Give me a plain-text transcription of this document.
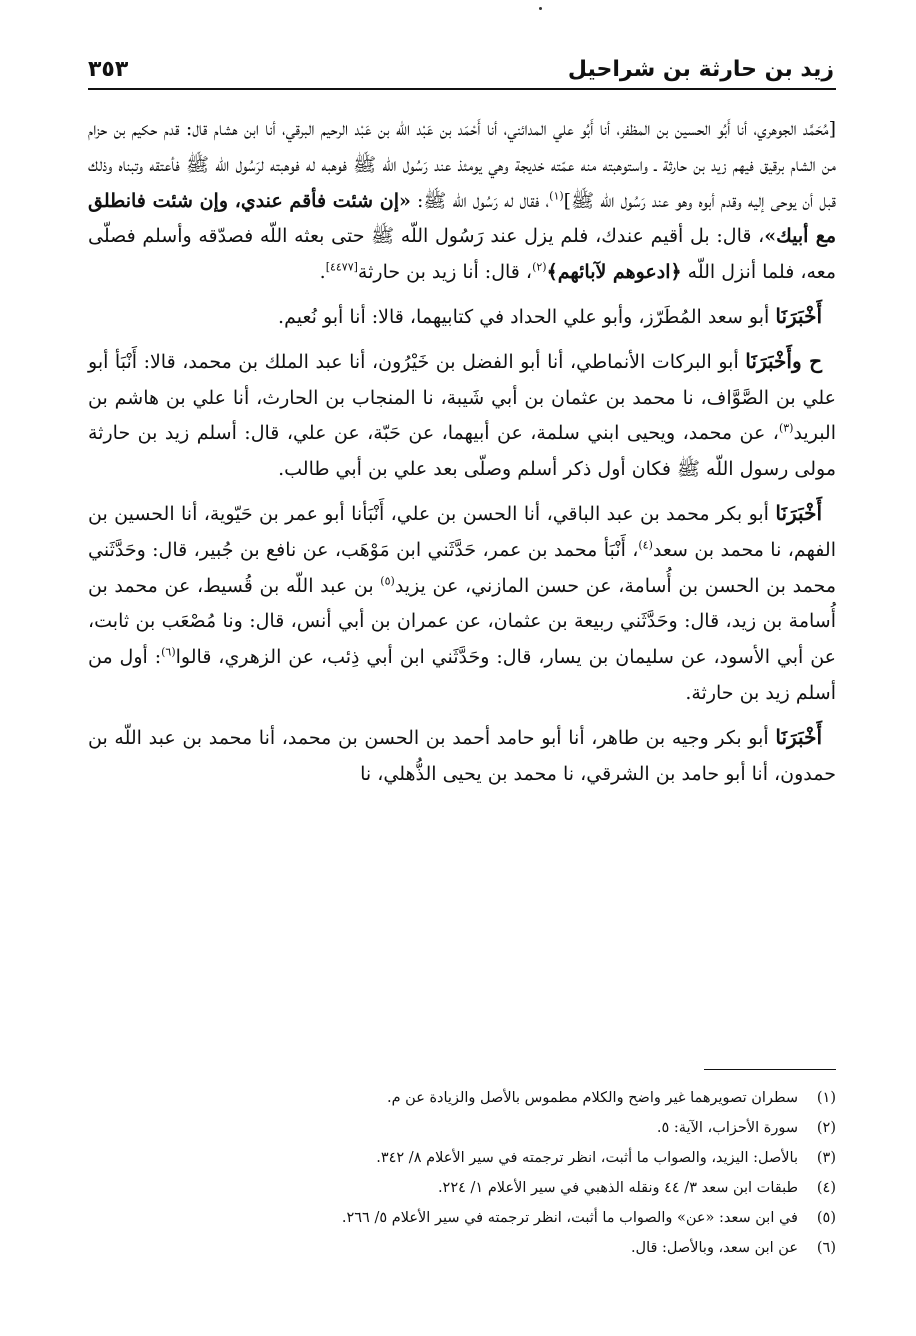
٣٥٣	زيد بن حارثة بن شراحيل

[مُحَمَّد الجوهري، أنا أَبُو الحسين بن المظفر، أنا أَبُو علي المدائني، أنا أَحْمَد بن عَبْد اللّه بن عَبْد الرحيم البرقي، أنا ابن هشام قال: قدم حكيم بن حزام من الشام برقيق فيهم زيد بن حارثة ـ واستوهبته منه عمّته خديجة وهي يومئذ عند رَسُول اللّه ﷺ فوهبه له فوهبته لرَسُول اللّه ﷺ فأعتقه وتبناه وذلك قبل أن يوحى إليه وقدم أبوه وهو عند رَسُول اللّه ﷺ]$^{(١)}$، فقال له رَسُول اللّه ﷺ: «إن شئت فأقم عندي، وإن شئت فانطلق مع أبيك»، قال: بل أقيم عندك، فلم يزل عند رَسُول اللّه ﷺ حتى بعثه اللّه فصدّقه وأسلم فصلّى معه، فلما أنزل اللّه ﴿ادعوهم لآبائهم﴾$^{(٢)}$، قال: أنا زيد بن حارثة[٤٤٧٧].

أَخْبَرَنَا أبو سعد المُطَرّز، وأبو علي الحداد في كتابيهما، قالا: أنا أبو نُعيم.

ح وأَخْبَرَنَا أبو البركات الأنماطي، أنا أبو الفضل بن خَيْرُون، أنا عبد الملك بن محمد، قالا: أَنْبَأ أبو علي بن الصَّوَّاف، نا محمد بن عثمان بن أبي شَيبة، نا المنجاب بن الحارث، أنا علي بن هاشم بن البريد$^{(٣)}$، عن محمد، ويحيى ابني سلمة، عن أبيهما، عن حَبّة، عن علي، قال: أسلم زيد بن حارثة مولى رسول اللّه ﷺ فكان أول ذكر أسلم وصلّى بعد علي بن أبي طالب.

أَخْبَرَنَا أبو بكر محمد بن عبد الباقي، أنا الحسن بن علي، أَنْبَأنا أبو عمر بن حَيّوية، أنا الحسين بن الفهم، نا محمد بن سعد$^{(٤)}$، أَنْبَأ محمد بن عمر، حَدَّثَني ابن مَوْهَب، عن نافع بن جُبير، قال: وحَدَّثَني محمد بن الحسن بن أُسامة، عن حسن المازني، عن يزيد$^{(٥)}$ بن عبد اللّه بن قُسيط، عن محمد بن أُسامة بن زيد، قال: وحَدَّثَني ربيعة بن عثمان، عن عمران بن أبي أنس، قال: ونا مُصْعَب بن ثابت، عن أبي الأسود، عن سليمان بن يسار، قال: وحَدَّثَني ابن أبي ذِئب، عن الزهري، قالوا$^{(٦)}$: أول من أسلم زيد بن حارثة.

أَخْبَرَنَا أبو بكر وجيه بن طاهر، أنا أبو حامد أحمد بن الحسن بن محمد، أنا محمد بن عبد اللّه بن حمدون، أنا أبو حامد بن الشرقي، نا محمد بن يحيى الذُّهلي، نا

(١)
سطران تصويرهما غير واضح والكلام مطموس بالأصل والزيادة عن م.
(٢)
سورة الأحزاب، الآية: ٥.
(٣)
بالأصل: اليزيد، والصواب ما أثبت، انظر ترجمته في سير الأعلام ٨/ ٣٤٢.
(٤)
طبقات ابن سعد ٣/ ٤٤ ونقله الذهبي في سير الأعلام ١/ ٢٢٤.
(٥)
في ابن سعد: «عن» والصواب ما أثبت، انظر ترجمته في سير الأعلام ٥/ ٢٦٦.
(٦)
عن ابن سعد، وبالأصل: قال.
